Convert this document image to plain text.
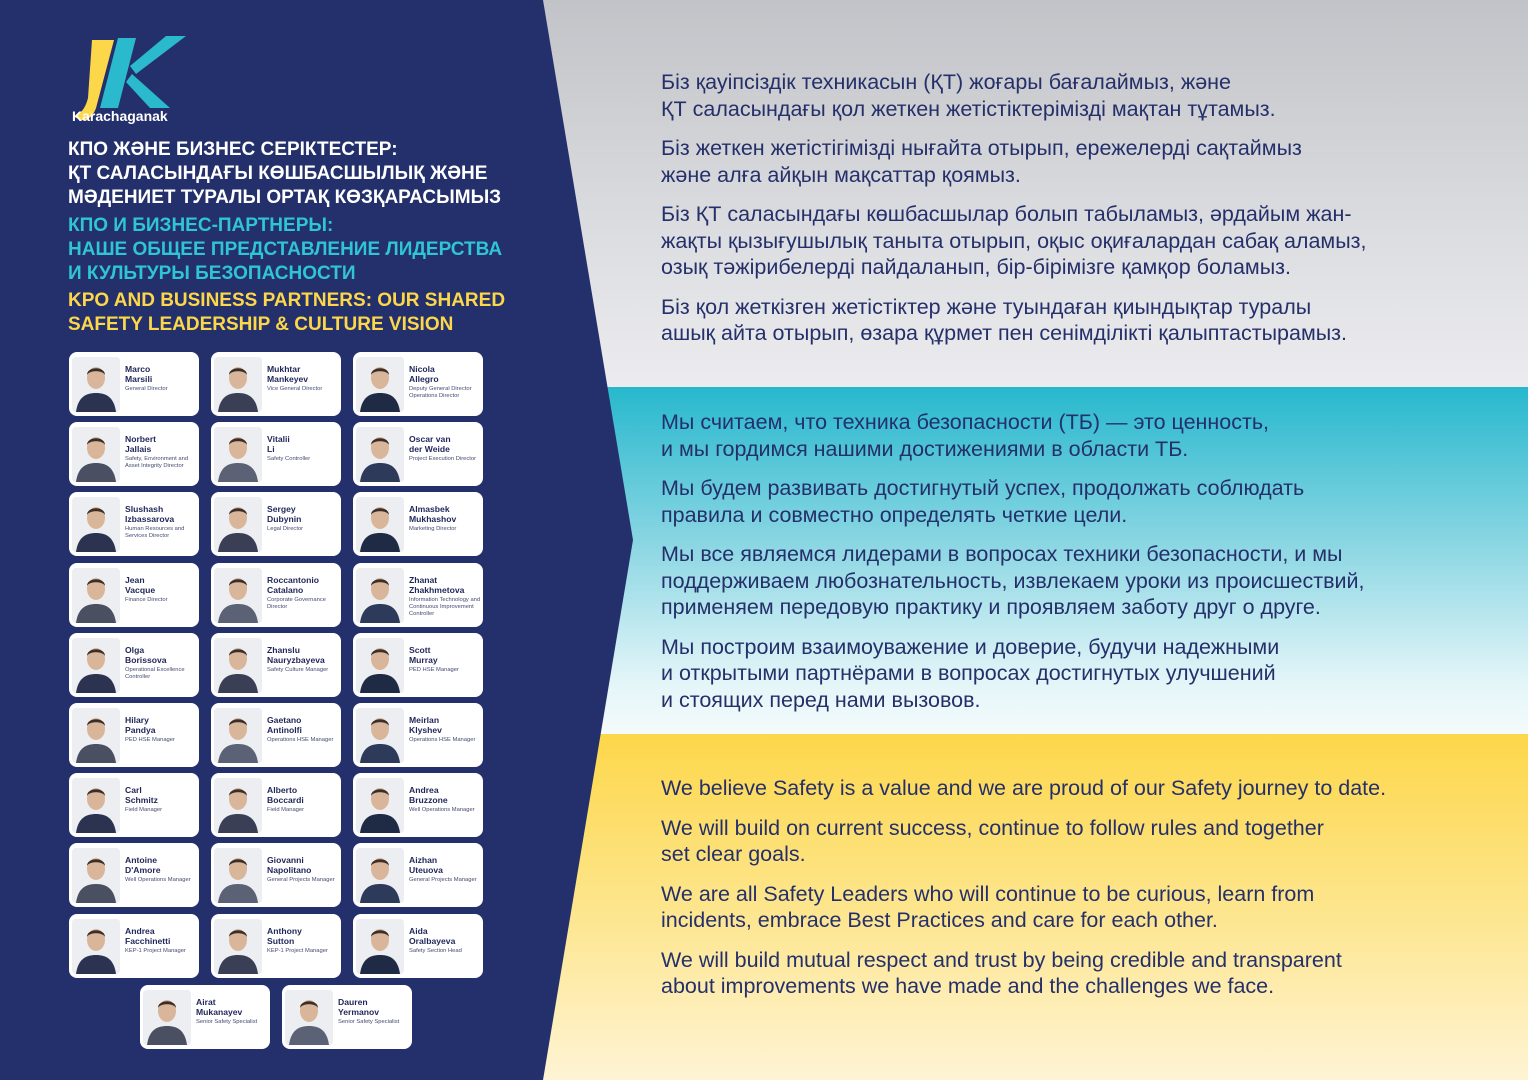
Karachaganak
КПО ЖӘНЕ БИЗНЕС СЕРІКТЕСТЕР:
ҚТ САЛАСЫНДАҒЫ КӨШБАСШЫЛЫҚ ЖӘНЕ
МӘДЕНИЕТ ТУРАЛЫ ОРТАҚ КӨЗҚАРАСЫМЫЗ
КПО И БИЗНЕС-ПАРТНЕРЫ:
НАШЕ ОБЩЕЕ ПРЕДСТАВЛЕНИЕ ЛИДЕРСТВА
И КУЛЬТУРЫ БЕЗОПАСНОСТИ
KPO AND BUSINESS PARTNERS: OUR SHARED
SAFETY LEADERSHIP & CULTURE VISION
Marco
Marsili
General Director
Mukhtar
Mankeyev
Vice General Director
Nicola
Allegro
Deputy General Director Operations Director
Norbert
Jallais
Safety, Environment and Asset Integrity Director
Vitalii
Li
Safety Controller
Oscar van
der Weide
Project Execution Director
Slushash
Izbassarova
Human Resources and Services Director
Sergey
Dubynin
Legal Director
Almasbek
Mukhashov
Marketing Director
Jean
Vacque
Finance Director
Roccantonio
Catalano
Corporate Governance Director
Zhanat
Zhakhmetova
Information Technology and Continuous Improvement Controller
Olga
Borissova
Operational Excellence Controller
Zhanslu
Nauryzbayeva
Safety Culture Manager
Scott
Murray
PED HSE Manager
Hilary
Pandya
PED HSE Manager
Gaetano
Antinolfi
Operations HSE Manager
Meirlan
Klyshev
Operations HSE Manager
Carl
Schmitz
Field Manager
Alberto
Boccardi
Field Manager
Andrea
Bruzzone
Well Operations Manager
Antoine
D'Amore
Well Operations Manager
Giovanni
Napolitano
General Projects Manager
Aizhan
Uteuova
General Projects Manager
Andrea
Facchinetti
KEP-1 Project Manager
Anthony
Sutton
KEP-1 Project Manager
Aida
Oralbayeva
Safety Section Head
Airat
Mukanayev
Senior Safety Specialist
Dauren
Yermanov
Senior Safety Specialist

Біз қауіпсіздік техникасын (ҚТ) жоғары бағалаймыз, және
ҚТ саласындағы қол жеткен жетістіктерімізді мақтан тұтамыз.

Біз жеткен жетістігімізді нығайта отырып, ережелерді сақтаймыз
және алға айқын мақсаттар қоямыз.

Біз ҚТ саласындағы көшбасшылар болып табыламыз, әрдайым жан-
жақты қызығушылық таныта отырып, оқыс оқиғалардан сабақ аламыз,
озық тәжірибелерді пайдаланып, бір-бірімізге қамқор боламыз.

Біз қол жеткізген жетістіктер және туындаған қиындықтар туралы
ашық айта отырып, өзара құрмет пен сенімділікті қалыптастырамыз.

Мы считаем, что техника безопасности (ТБ) — это ценность,
и мы гордимся нашими достижениями в области ТБ.

Мы будем развивать достигнутый успех, продолжать соблюдать
правила и совместно определять четкие цели.

Мы все являемся лидерами в вопросах техники безопасности, и мы
поддерживаем любознательность, извлекаем уроки из происшествий,
применяем передовую практику и проявляем заботу друг о друге.

Мы построим взаимоуважение и доверие, будучи надежными
и открытыми партнёрами в вопросах достигнутых улучшений
и стоящих перед нами вызовов.

We believe Safety is a value and we are proud of our Safety journey to date.

We will build on current success, continue to follow rules and together
set clear goals.

We are all Safety Leaders who will continue to be curious, learn from
incidents, embrace Best Practices and care for each other.

We will build mutual respect and trust by being credible and transparent
about improvements we have made and the challenges we face.
